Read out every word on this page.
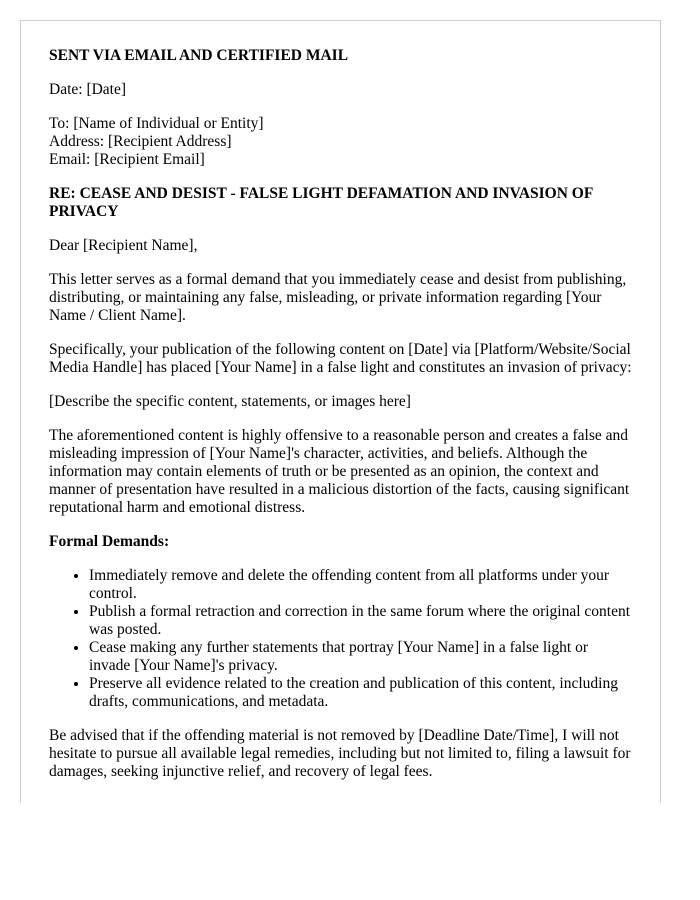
SENT VIA EMAIL AND CERTIFIED MAIL
Date: [Date]
To: [Name of Individual or Entity]
Address: [Recipient Address]
Email: [Recipient Email]
RE: CEASE AND DESIST - FALSE LIGHT DEFAMATION AND INVASION OF PRIVACY
Dear [Recipient Name],
This letter serves as a formal demand that you immediately cease and desist from publishing, distributing, or maintaining any false, misleading, or private information regarding [Your Name / Client Name].
Specifically, your publication of the following content on [Date] via [Platform/Website/Social Media Handle] has placed [Your Name] in a false light and constitutes an invasion of privacy:
[Describe the specific content, statements, or images here]
The aforementioned content is highly offensive to a reasonable person and creates a false and misleading impression of [Your Name]'s character, activities, and beliefs. Although the information may contain elements of truth or be presented as an opinion, the context and manner of presentation have resulted in a malicious distortion of the facts, causing significant reputational harm and emotional distress.
Formal Demands:
• Immediately remove and delete the offending content from all platforms under your control.
• Publish a formal retraction and correction in the same forum where the original content was posted.
• Cease making any further statements that portray [Your Name] in a false light or invade [Your Name]'s privacy.
• Preserve all evidence related to the creation and publication of this content, including drafts, communications, and metadata.
Be advised that if the offending material is not removed by [Deadline Date/Time], I will not hesitate to pursue all available legal remedies, including but not limited to, filing a lawsuit for damages, seeking injunctive relief, and recovery of legal fees.
